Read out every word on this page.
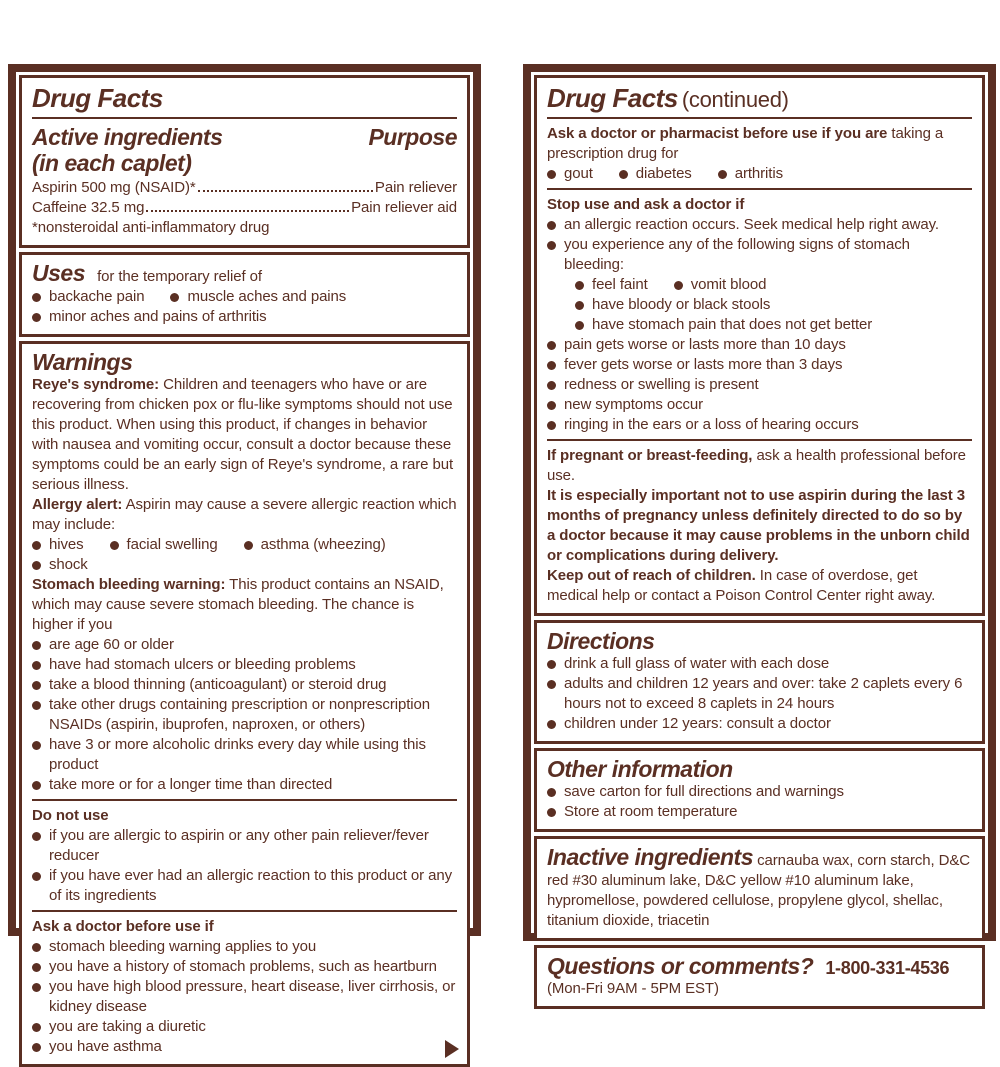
Drug Facts
Active ingredients
(in each caplet)
Purpose
Aspirin 500 mg (NSAID)*	Pain reliever
Caffeine 32.5 mg	Pain reliever aid
*nonsteroidal anti-inflammatory drug
Uses for the temporary relief of
backache pain	muscle aches and pains
minor aches and pains of arthritis
Warnings

Reye's syndrome: Children and teenagers who have or are recovering from chicken pox or flu-like symptoms should not use this product. When using this product, if changes in behavior with nausea and vomiting occur, consult a doctor because these symptoms could be an early sign of Reye's syndrome, a rare but serious illness.

Allergy alert: Aspirin may cause a severe allergic reaction which may include:

hives	facial swelling	asthma (wheezing)
shock

Stomach bleeding warning: This product contains an NSAID, which may cause severe stomach bleeding. The chance is higher if you

are age 60 or older
have had stomach ulcers or bleeding problems
take a blood thinning (anticoagulant) or steroid drug
take other drugs containing prescription or nonprescription NSAIDs (aspirin, ibuprofen, naproxen, or others)
have 3 or more alcoholic drinks every day while using this product
take more or for a longer time than directed
Do not use
if you are allergic to aspirin or any other pain reliever/fever reducer
if you have ever had an allergic reaction to this product or any of its ingredients
Ask a doctor before use if
stomach bleeding warning applies to you
you have a history of stomach problems, such as heartburn
you have high blood pressure, heart disease, liver cirrhosis, or kidney disease
you are taking a diuretic
you have asthma
Drug Facts (continued)

Ask a doctor or pharmacist before use if you are taking a prescription drug for

gout	diabetes	arthritis
Stop use and ask a doctor if
an allergic reaction occurs. Seek medical help right away.
you experience any of the following signs of stomach bleeding:
feel faint	vomit blood
have bloody or black stools
have stomach pain that does not get better
pain gets worse or lasts more than 10 days
fever gets worse or lasts more than 3 days
redness or swelling is present
new symptoms occur
ringing in the ears or a loss of hearing occurs

If pregnant or breast-feeding, ask a health professional before use.

It is especially important not to use aspirin during the last 3 months of pregnancy unless definitely directed to do so by a doctor because it may cause problems in the unborn child or complications during delivery.

Keep out of reach of children. In case of overdose, get medical help or contact a Poison Control Center right away.

Directions
drink a full glass of water with each dose
adults and children 12 years and over: take 2 caplets every 6 hours not to exceed 8 caplets in 24 hours
children under 12 years: consult a doctor
Other information
save carton for full directions and warnings
Store at room temperature

Inactive ingredients carnauba wax, corn starch, D&C red #30 aluminum lake, D&C yellow #10 aluminum lake, hypromellose, powdered cellulose, propylene glycol, shellac, titanium dioxide, triacetin

Questions or comments? 1-800-331-4536
(Mon-Fri 9AM - 5PM EST)
